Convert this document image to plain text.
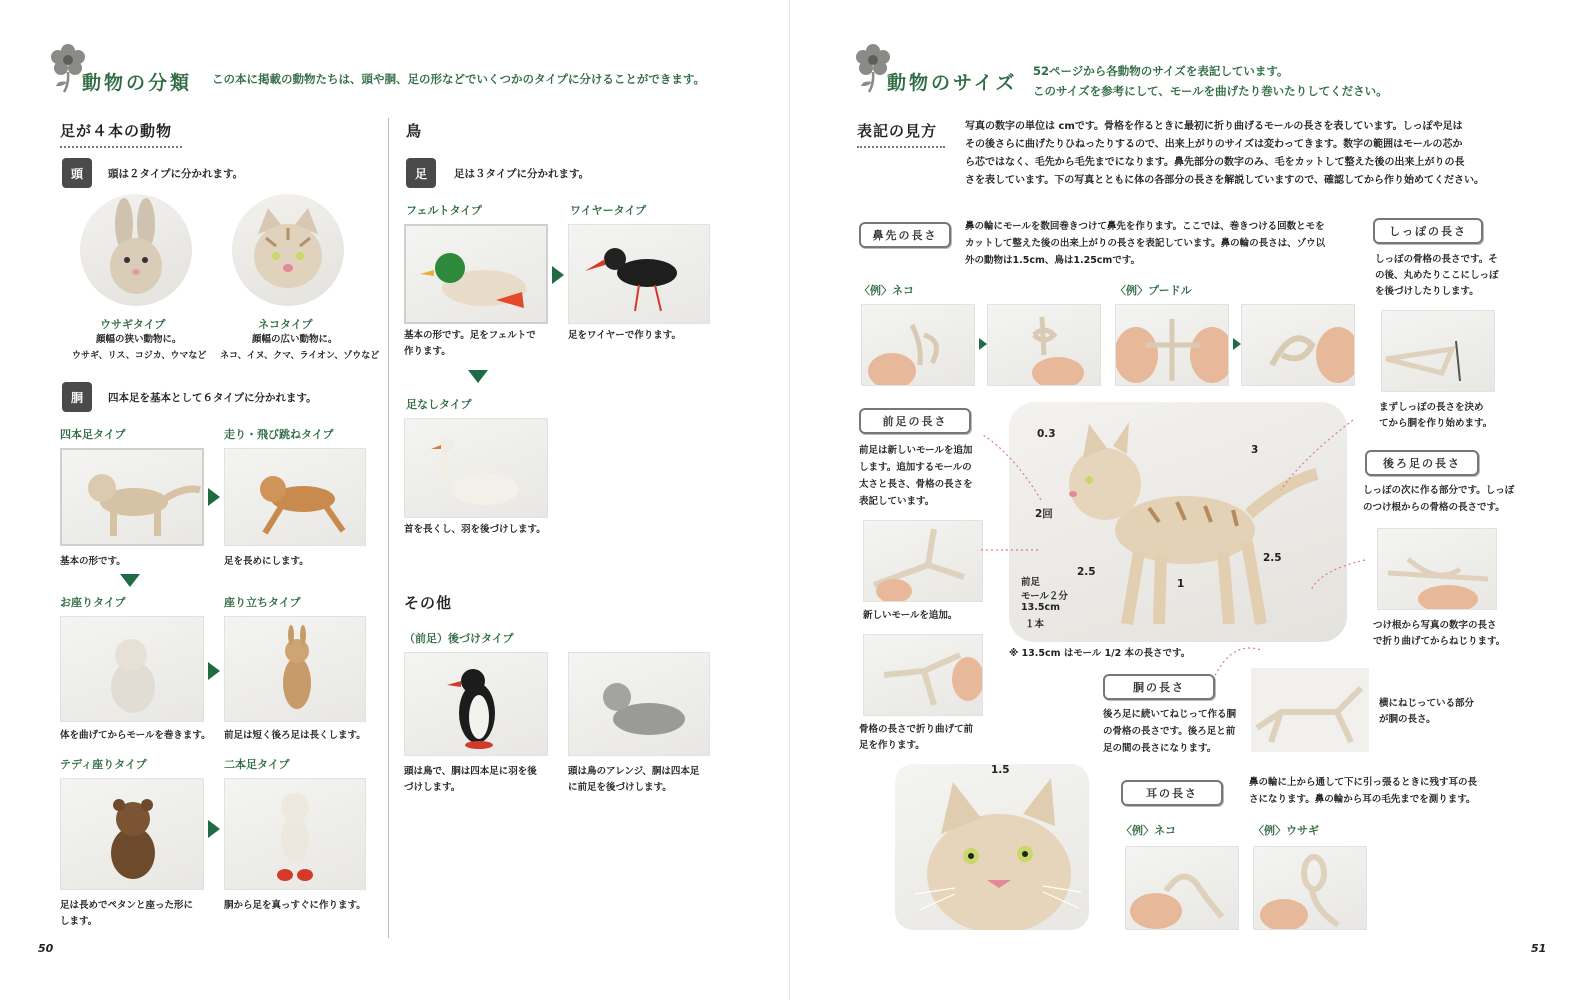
動物の分類 この本に掲載の動物たちは、頭や胴、足の形などでいくつかのタイプに分けることができます。
足が４本の動物
頭	頭は２タイプに分かれます。
ウサギタイプ
顔幅の狭い動物に。
ウサギ、リス、コジカ、ウマなど
ネコタイプ
顔幅の広い動物に。
ネコ、イヌ、クマ、ライオン、ゾウなど
胴	四本足を基本として６タイプに分かれます。
四本足タイプ	走り・飛び跳ねタイプ
基本の形です。	足を長めにします。
お座りタイプ	座り立ちタイプ
体を曲げてからモールを巻きます。 前足は短く後ろ足は長くします。
テディ座りタイプ	二本足タイプ
足は長めでペタンと座った形に
します。
胴から足を真っすぐに作ります。
鳥
足	足は３タイプに分かれます。
フェルトタイプ	ワイヤータイプ
基本の形です。足をフェルトで
作ります。
足をワイヤーで作ります。
足なしタイプ
首を長くし、羽を後づけします。
その他
（前足）後づけタイプ
頭は鳥で、胴は四本足に羽を後
づけします。
頭は鳥のアレンジ、胴は四本足
に前足を後づけします。
50
動物のサイズ
52ページから各動物のサイズを表記しています。
このサイズを参考にして、モールを曲げたり巻いたりしてください。
表記の見方	写真の数字の単位は cmです。骨格を作るときに最初に折り曲げるモールの長さを表しています。しっぽや足は
その後さらに曲げたりひねったりするので、出来上がりのサイズは変わってきます。数字の範囲はモールの芯か
ら芯ではなく、毛先から毛先までになります。鼻先部分の数字のみ、毛をカットして整えた後の出来上がりの長
さを表しています。下の写真とともに体の各部分の長さを解説していますので、確認してから作り始めてください。
鼻先の長さ
鼻の輪にモールを数回巻きつけて鼻先を作ります。ここでは、巻きつける回数とモを
カットして整えた後の出来上がりの長さを表記しています。鼻の輪の長さは、ゾウ以
外の動物は1.5cm、鳥は1.25cmです。
〈例〉ネコ	〈例〉プードル
しっぽの長さ
しっぽの骨格の長さです。そ
の後、丸めたりここにしっぽ
を後づけしたりします。
まずしっぽの長さを決め
てから胴を作り始めます。
前足の長さ
前足は新しいモールを追加
します。追加するモールの
太さと長さ、骨格の長さを
表記しています。
新しいモールを追加。
骨格の長さで折り曲げて前
足を作ります。
0.3
3
2回
2.5
2.5
1
前足
モール２分
13.5cm
１本
※ 13.5cm はモール 1/2 本の長さです。
後ろ足の長さ
しっぽの次に作る部分です。しっぽ
のつけ根からの骨格の長さです。
つけ根から写真の数字の長さ
で折り曲げてからねじります。
胴の長さ
後ろ足に続いてねじって作る胴
の骨格の長さです。後ろ足と前
足の間の長さになります。
横にねじっている部分
が胴の長さ。
1.5
耳の長さ
鼻の輪に上から通して下に引っ張るときに残す耳の長
さになります。鼻の輪から耳の毛先までを測ります。
〈例〉ネコ	〈例〉ウサギ
51
